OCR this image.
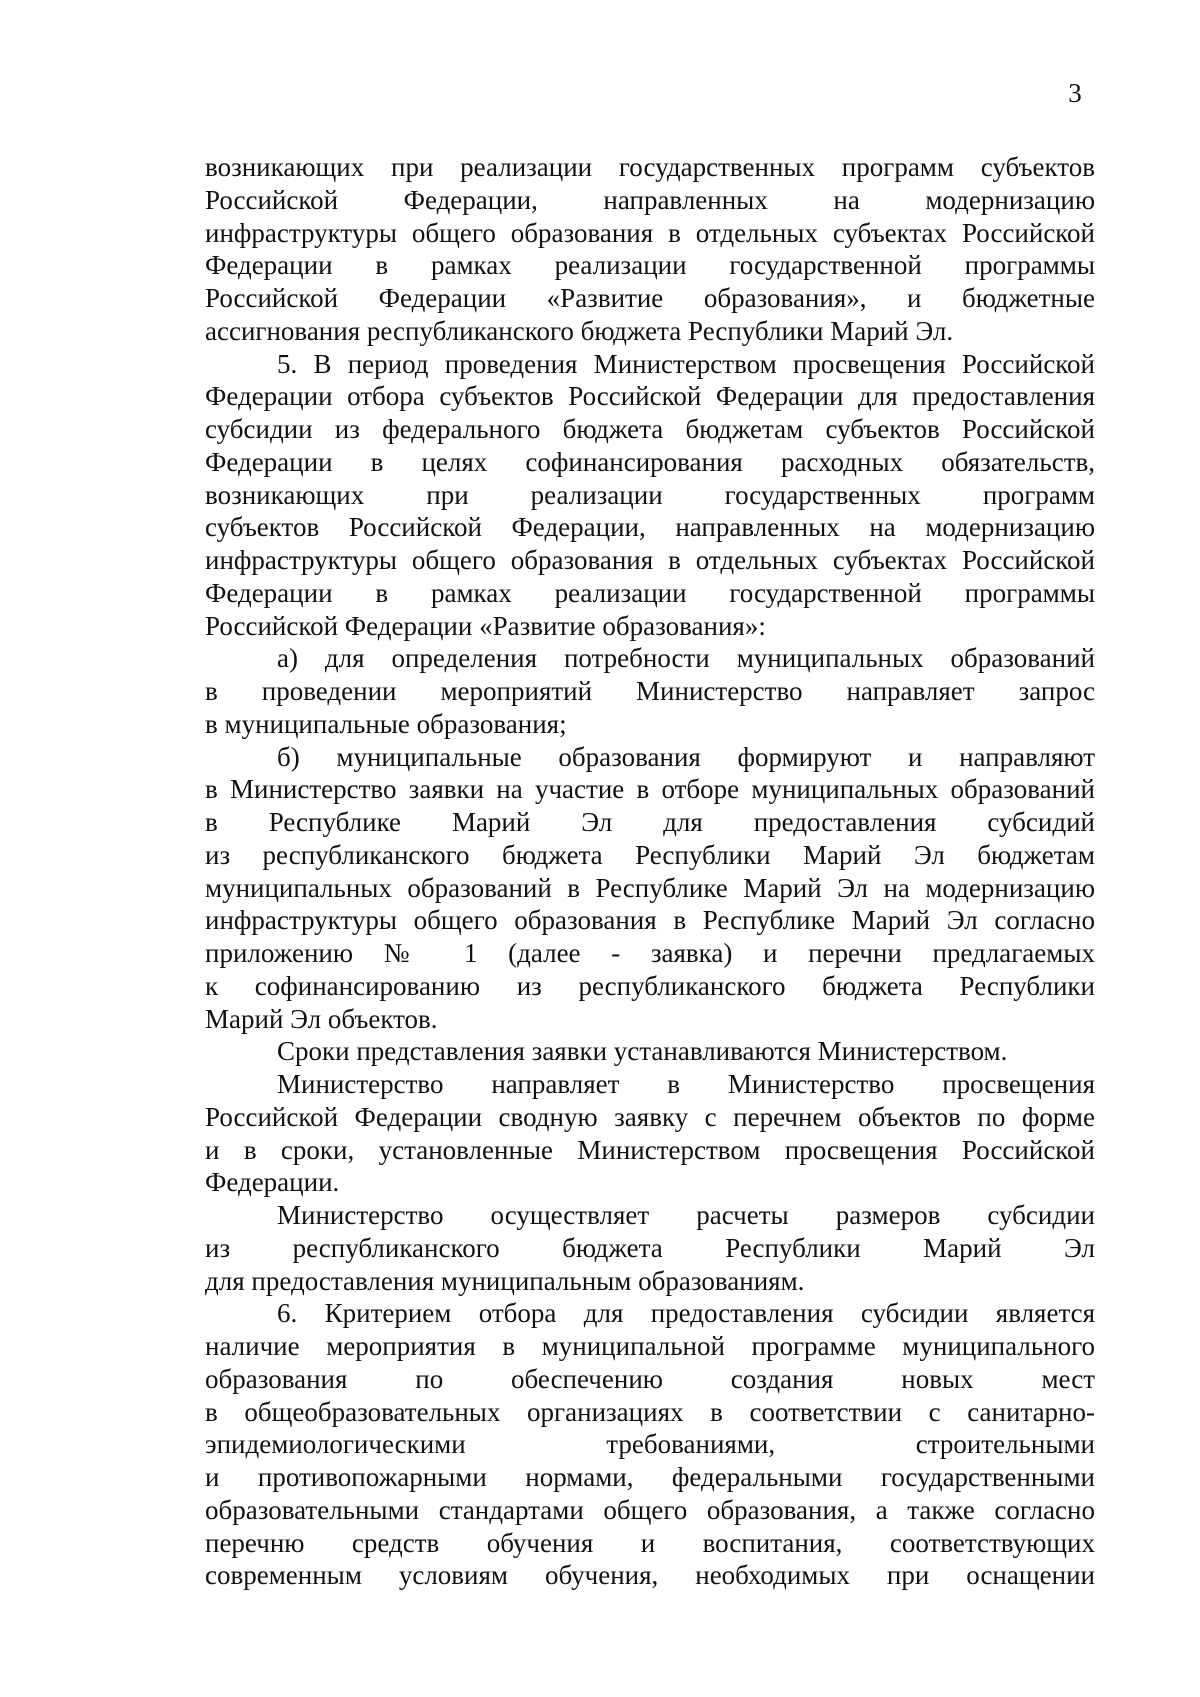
3
возникающих при реализации государственных программ субъектов
Российской Федерации, направленных на модернизацию
инфраструктуры общего образования в отдельных субъектах Российской
Федерации в рамках реализации государственной программы
Российской Федерации «Развитие образования», и бюджетные
ассигнования республиканского бюджета Республики Марий Эл.
5. В период проведения Министерством просвещения Российской
Федерации отбора субъектов Российской Федерации для предоставления
субсидии из федерального бюджета бюджетам субъектов Российской
Федерации в целях софинансирования расходных обязательств,
возникающих при реализации государственных программ
субъектов Российской Федерации, направленных на модернизацию
инфраструктуры общего образования в отдельных субъектах Российской
Федерации в рамках реализации государственной программы
Российской Федерации «Развитие образования»:
а) для определения потребности муниципальных образований
в проведении мероприятий Министерство направляет запрос
в муниципальные образования;
б) муниципальные образования формируют и направляют
в Министерство заявки на участие в отборе муниципальных образований
в Республике Марий Эл для предоставления субсидий
из республиканского бюджета Республики Марий Эл бюджетам
муниципальных образований в Республике Марий Эл на модернизацию
инфраструктуры общего образования в Республике Марий Эл согласно
приложению № 1 (далее - заявка) и перечни предлагаемых
к софинансированию из республиканского бюджета Республики
Марий Эл объектов.
Сроки представления заявки устанавливаются Министерством.
Министерство направляет в Министерство просвещения
Российской Федерации сводную заявку с перечнем объектов по форме
и в сроки, установленные Министерством просвещения Российской
Федерации.
Министерство осуществляет расчеты размеров субсидии
из республиканского бюджета Республики Марий Эл
для предоставления муниципальным образованиям.
6. Критерием отбора для предоставления субсидии является
наличие мероприятия в муниципальной программе муниципального
образования по обеспечению создания новых мест
в общеобразовательных организациях в соответствии с санитарно-
эпидемиологическими требованиями, строительными
и противопожарными нормами, федеральными государственными
образовательными стандартами общего образования, а также согласно
перечню средств обучения и воспитания, соответствующих
современным условиям обучения, необходимых при оснащении
